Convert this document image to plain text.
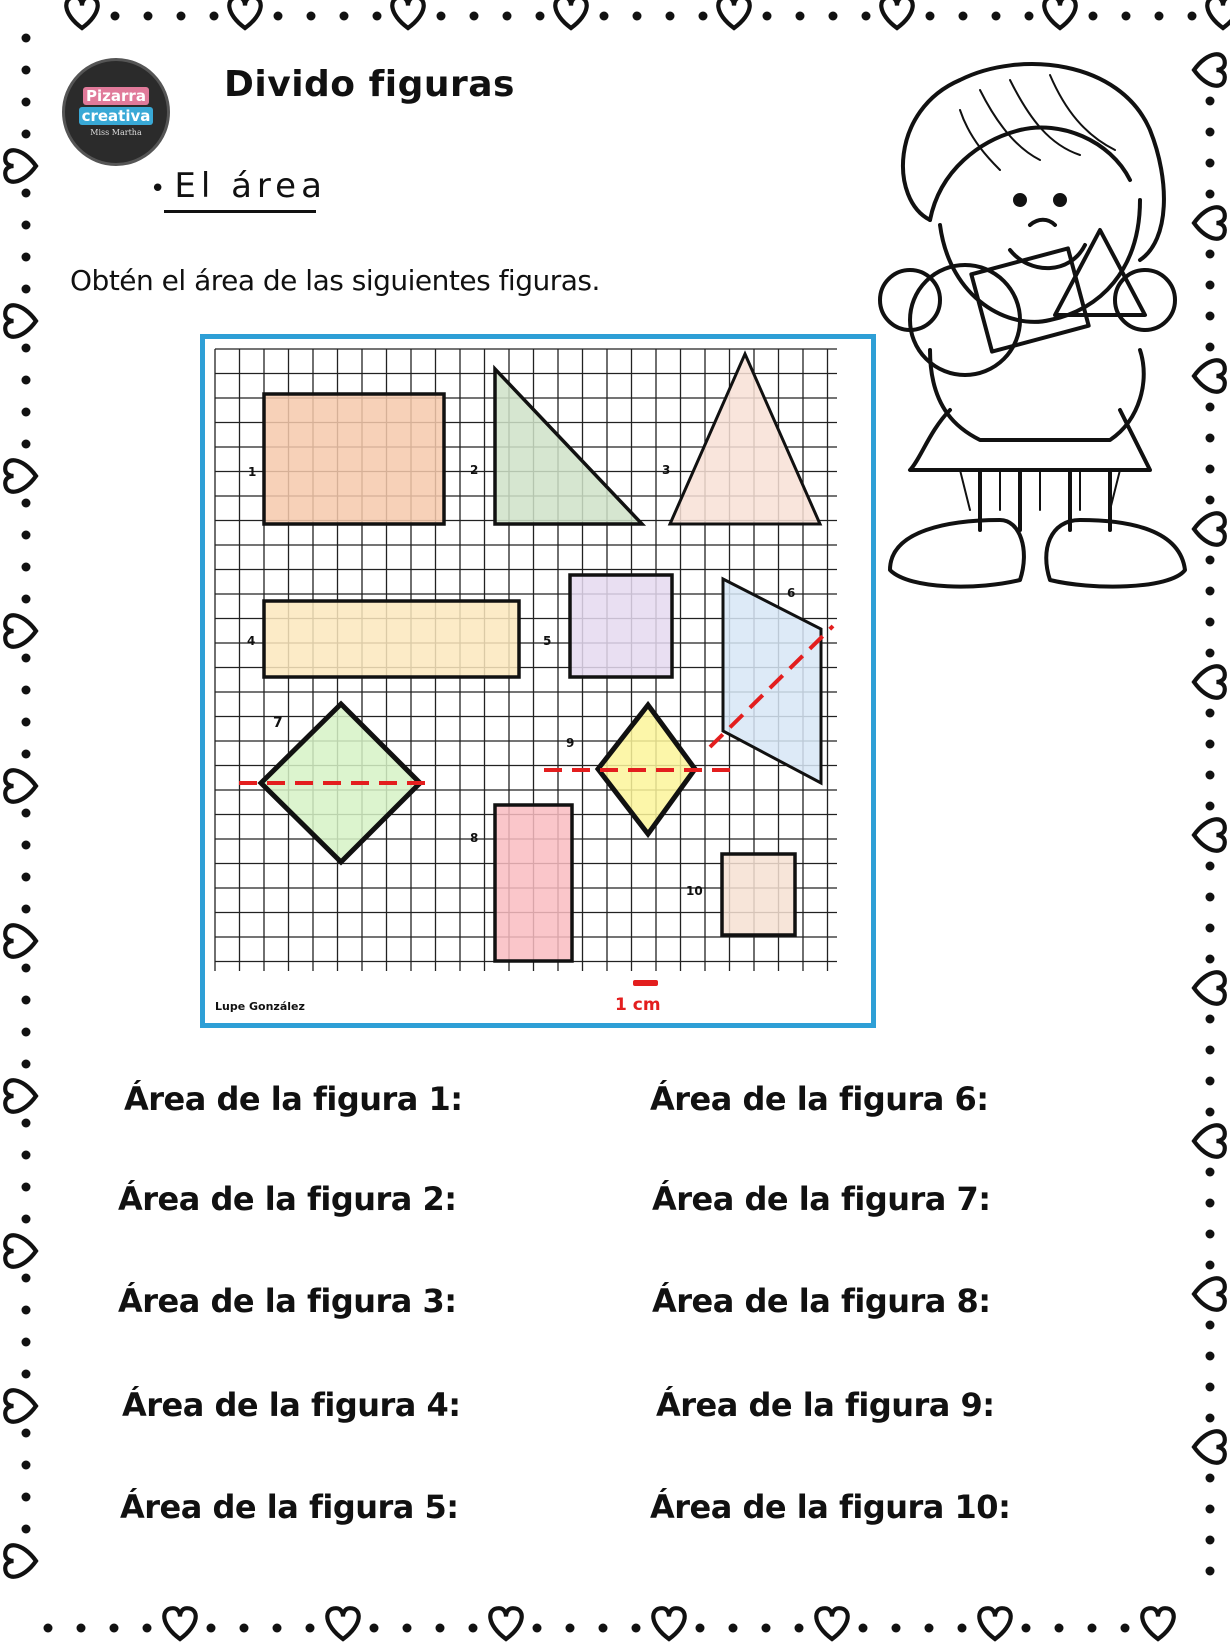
Pizarra
creativa
Miss Martha
Divido figuras
• El área
Obtén el área de las siguientes figuras.
1	2	3
4	5
6
7
8
9
10
1 cm
Lupe González
Área de la figura 1:
Área de la figura 2:
Área de la figura 3:
Área de la figura 4:
Área de la figura 5:
Área de la figura 6:
Área de la figura 7:
Área de la figura 8:
Área de la figura 9:
Área de la figura 10:
